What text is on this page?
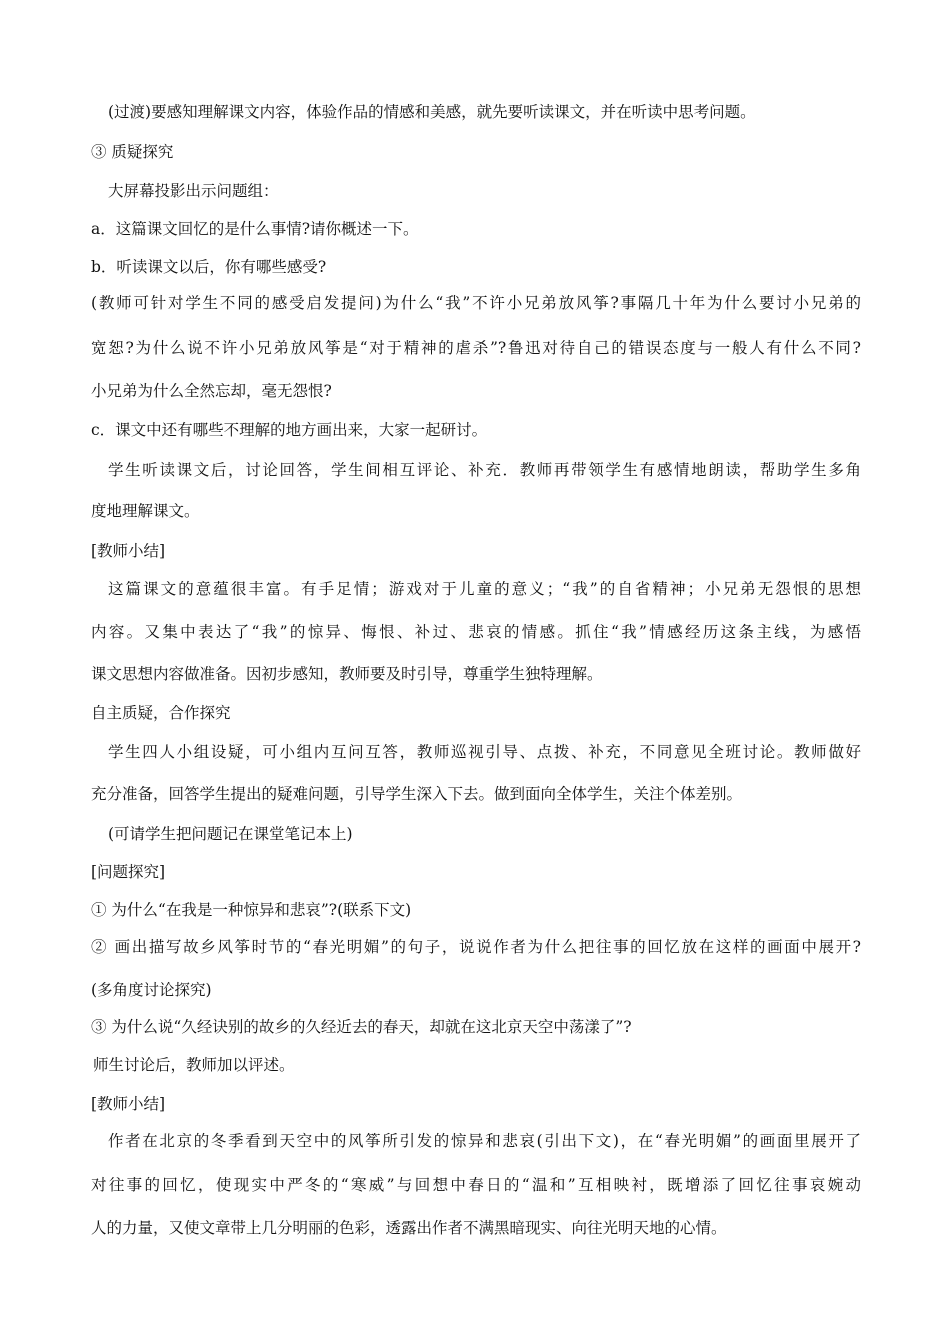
(过渡)要感知理解课文内容，体验作品的情感和美感，就先要听读课文，并在听读中思考问题。
③ 质疑探究
大屏幕投影出示问题组：
a．这篇课文回忆的是什么事情?请你概述一下。
b．听读课文以后，你有哪些感受?
(教师可针对学生不同的感受启发提问)为什么“我”不许小兄弟放风筝?事隔几十年为什么要讨小兄弟的
宽恕?为什么说不许小兄弟放风筝是“对于精神的虐杀”?鲁迅对待自己的错误态度与一般人有什么不同?
小兄弟为什么全然忘却，毫无怨恨?
c．课文中还有哪些不理解的地方画出来，大家一起研讨。
学生听读课文后，讨论回答，学生间相互评论、补充．教师再带领学生有感情地朗读，帮助学生多角
度地理解课文。
[教师小结]
这篇课文的意蕴很丰富。有手足情；游戏对于儿童的意义；“我”的自省精神；小兄弟无怨恨的思想
内容。又集中表达了“我”的惊异、悔恨、补过、悲哀的情感。抓住“我”情感经历这条主线，为感悟
课文思想内容做准备。因初步感知，教师要及时引导，尊重学生独特理解。
自主质疑，合作探究
学生四人小组设疑，可小组内互问互答，教师巡视引导、点拨、补充，不同意见全班讨论。教师做好
充分准备，回答学生提出的疑难问题，引导学生深入下去。做到面向全体学生，关注个体差别。
(可请学生把问题记在课堂笔记本上)
[问题探究]
① 为什么“在我是一种惊异和悲哀”?(联系下文)
② 画出描写故乡风筝时节的“春光明媚”的句子，说说作者为什么把往事的回忆放在这样的画面中展开?
(多角度讨论探究)
③ 为什么说“久经诀别的故乡的久经近去的春天，却就在这北京天空中荡漾了”?
师生讨论后，教师加以评述。
[教师小结]
作者在北京的冬季看到天空中的风筝所引发的惊异和悲哀(引出下文)，在“春光明媚”的画面里展开了
对往事的回忆，使现实中严冬的“寒威”与回想中春日的“温和”互相映衬，既增添了回忆往事哀婉动
人的力量，又使文章带上几分明丽的色彩，透露出作者不满黑暗现实、向往光明天地的心情。
